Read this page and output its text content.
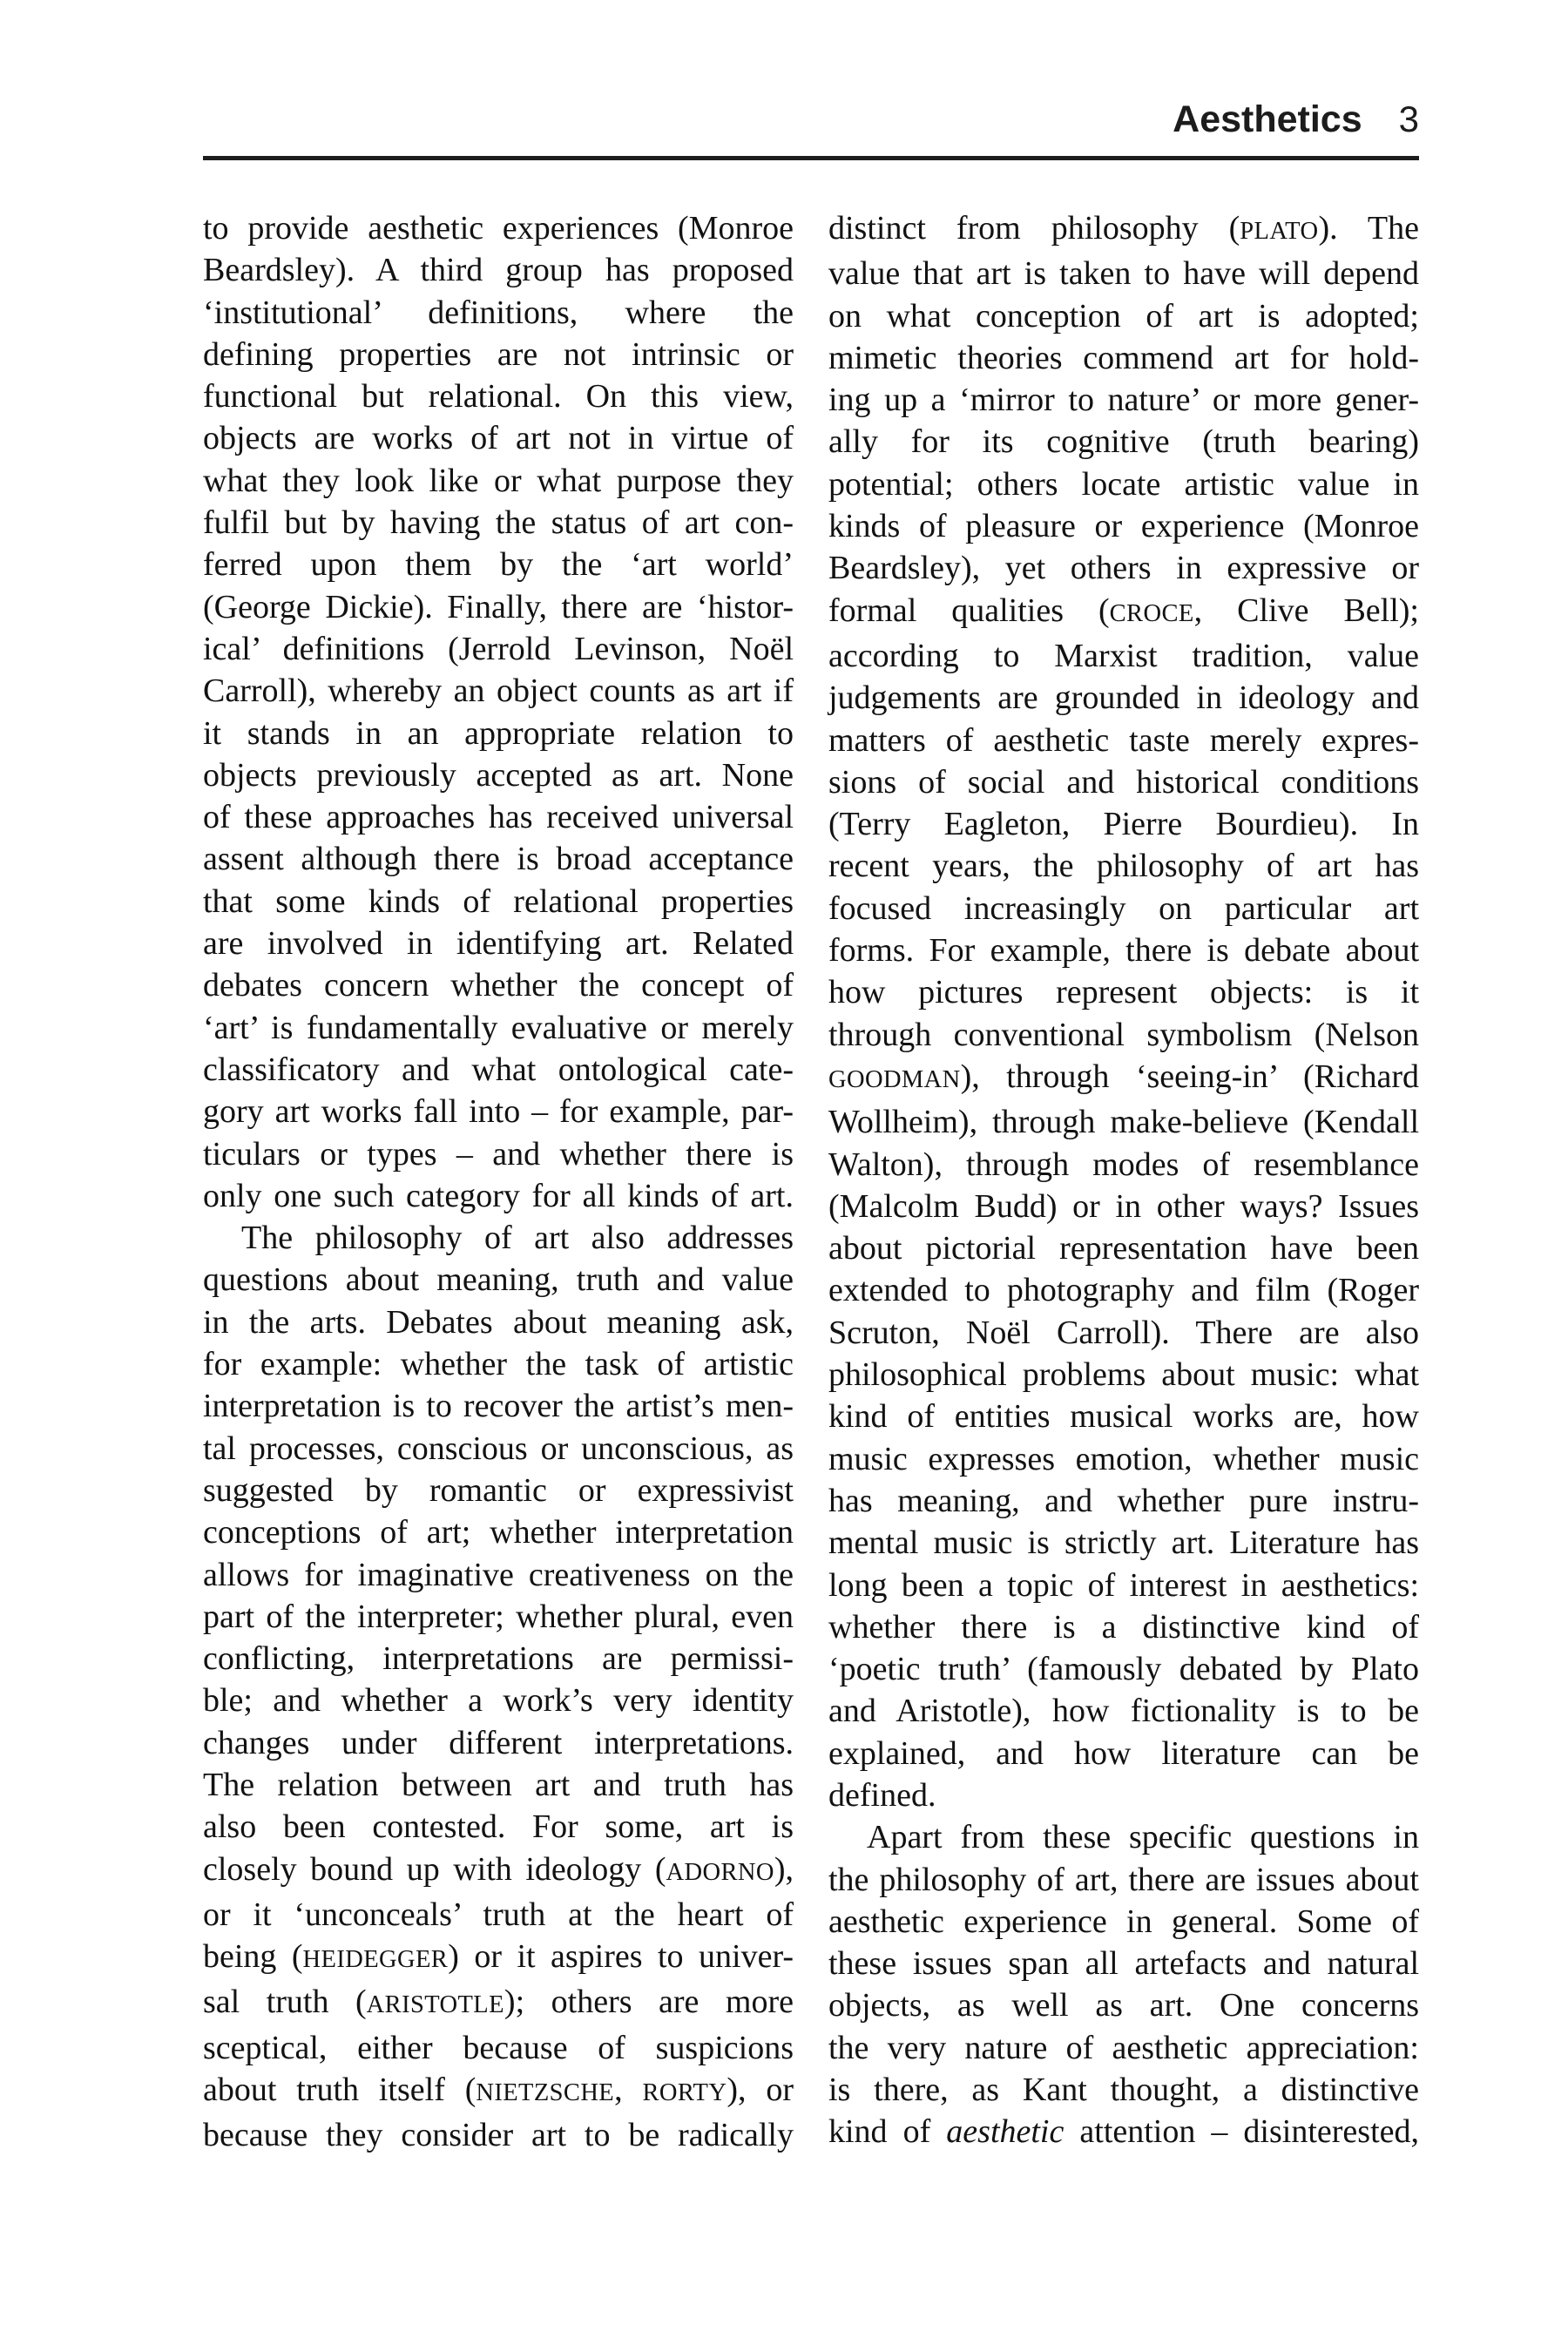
Aesthetics 3
to provide aesthetic experiences (Monroe
Beardsley). A third group has proposed
‘institutional’ definitions, where the
defining properties are not intrinsic or
functional but relational. On this view,
objects are works of art not in virtue of
what they look like or what purpose they
fulfil but by having the status of art con-
ferred upon them by the ‘art world’
(George Dickie). Finally, there are ‘histor-
ical’ definitions (Jerrold Levinson, Noël
Carroll), whereby an object counts as art if
it stands in an appropriate relation to
objects previously accepted as art. None
of these approaches has received universal
assent although there is broad acceptance
that some kinds of relational properties
are involved in identifying art. Related
debates concern whether the concept of
‘art’ is fundamentally evaluative or merely
classificatory and what ontological cate-
gory art works fall into – for example, par-
ticulars or types – and whether there is
only one such category for all kinds of art.
The philosophy of art also addresses
questions about meaning, truth and value
in the arts. Debates about meaning ask,
for example: whether the task of artistic
interpretation is to recover the artist’s men-
tal processes, conscious or unconscious, as
suggested by romantic or expressivist
conceptions of art; whether interpretation
allows for imaginative creativeness on the
part of the interpreter; whether plural, even
conflicting, interpretations are permissi-
ble; and whether a work’s very identity
changes under different interpretations.
The relation between art and truth has
also been contested. For some, art is
closely bound up with ideology (ADORNO),
or it ‘unconceals’ truth at the heart of
being (HEIDEGGER) or it aspires to univer-
sal truth (ARISTOTLE); others are more
sceptical, either because of suspicions
about truth itself (NIETZSCHE, RORTY), or
because they consider art to be radically
distinct from philosophy (PLATO). The
value that art is taken to have will depend
on what conception of art is adopted;
mimetic theories commend art for hold-
ing up a ‘mirror to nature’ or more gener-
ally for its cognitive (truth bearing)
potential; others locate artistic value in
kinds of pleasure or experience (Monroe
Beardsley), yet others in expressive or
formal qualities (CROCE, Clive Bell);
according to Marxist tradition, value
judgements are grounded in ideology and
matters of aesthetic taste merely expres-
sions of social and historical conditions
(Terry Eagleton, Pierre Bourdieu). In
recent years, the philosophy of art has
focused increasingly on particular art
forms. For example, there is debate about
how pictures represent objects: is it
through conventional symbolism (Nelson
GOODMAN), through ‘seeing-in’ (Richard
Wollheim), through make-believe (Kendall
Walton), through modes of resemblance
(Malcolm Budd) or in other ways? Issues
about pictorial representation have been
extended to photography and film (Roger
Scruton, Noël Carroll). There are also
philosophical problems about music: what
kind of entities musical works are, how
music expresses emotion, whether music
has meaning, and whether pure instru-
mental music is strictly art. Literature has
long been a topic of interest in aesthetics:
whether there is a distinctive kind of
‘poetic truth’ (famously debated by Plato
and Aristotle), how fictionality is to be
explained, and how literature can be
defined.
Apart from these specific questions in
the philosophy of art, there are issues about
aesthetic experience in general. Some of
these issues span all artefacts and natural
objects, as well as art. One concerns
the very nature of aesthetic appreciation:
is there, as Kant thought, a distinctive
kind of aesthetic attention – disinterested,
